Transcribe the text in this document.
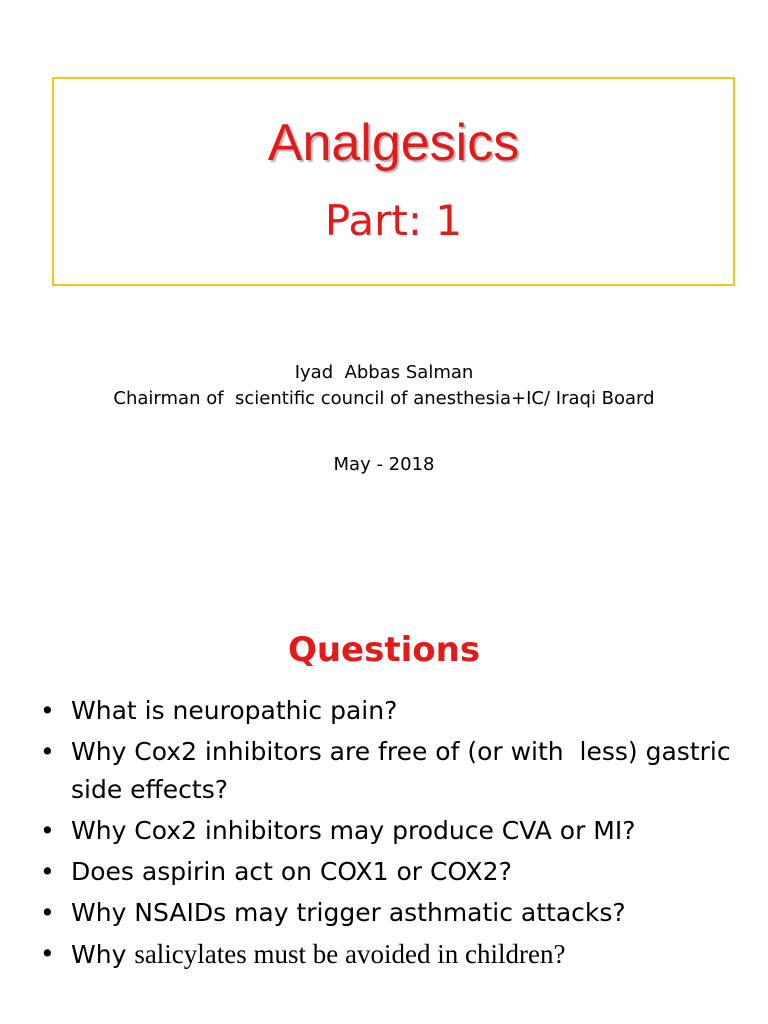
Analgesics
Part: 1
Iyad  Abbas Salman
Chairman of  scientific council of anesthesia+IC/ Iraqi Board
May - 2018
Questions
• What is neuropathic pain?
• Why Cox2 inhibitors are free of (or with  less) gastric side effects?
• Why Cox2 inhibitors may produce CVA or MI?
• Does aspirin act on COX1 or COX2?
• Why NSAIDs may trigger asthmatic attacks?
• Why salicylates must be avoided in children?
